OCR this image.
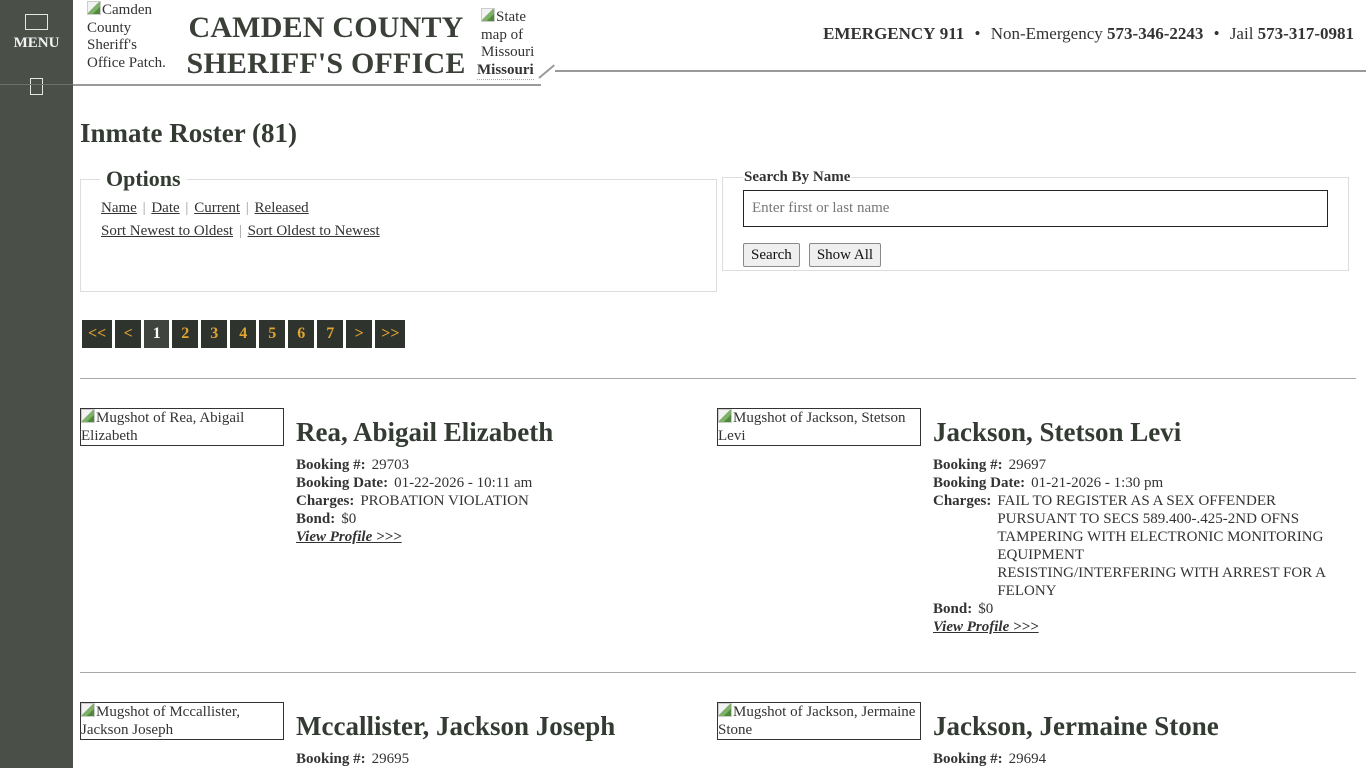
MENU
Camden County Sheriff's Office Patch.
CAMDEN COUNTY
SHERIFF'S OFFICE
State map of Missouri
Missouri
EMERGENCY 911 • Non-Emergency 573-346-2243 • Jail 573-317-0981
Inmate Roster (81)
Options
Name | Date | Current | Released
Sort Newest to Oldest | Sort Oldest to Newest
Search By Name
Enter first or last name
Search Show All
<<	<	1	2	3	4	5	6	7	>	>>
Mugshot of Rea, Abigail Elizabeth	Rea, Abigail Elizabeth
Booking #: 29703
Booking Date: 01-22-2026 - 10:11 am
Charges: PROBATION VIOLATION
Bond: $0
View Profile >>>
Mugshot of Jackson, Stetson Levi	Jackson, Stetson Levi
Booking #: 29697
Booking Date: 01-21-2026 - 1:30 pm
Charges: FAIL TO REGISTER AS A SEX OFFENDER PURSUANT TO SECS 589.400-.425-2ND OFNS
TAMPERING WITH ELECTRONIC MONITORING EQUIPMENT
RESISTING/INTERFERING WITH ARREST FOR A FELONY
Bond: $0
View Profile >>>
Mugshot of Mccallister, Jackson Joseph	Mccallister, Jackson Joseph
Booking #: 29695
Mugshot of Jackson, Jermaine Stone	Jackson, Jermaine Stone
Booking #: 29694
